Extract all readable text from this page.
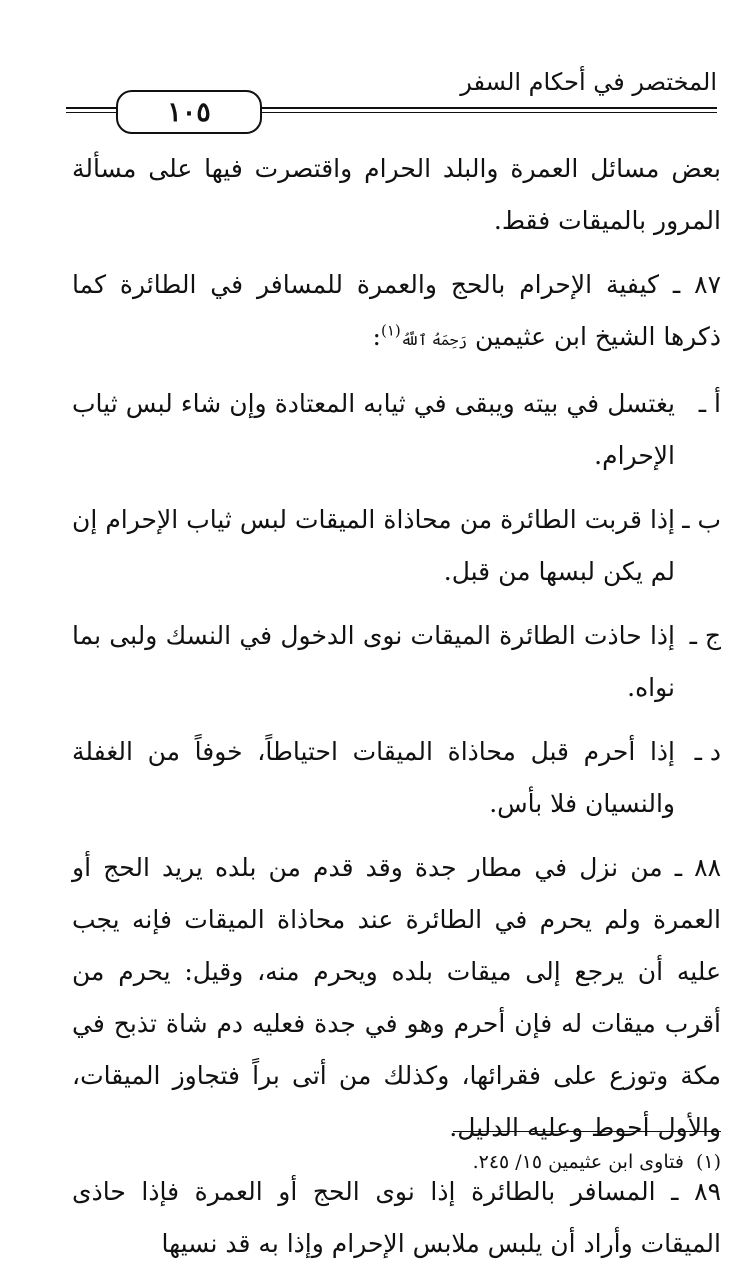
المختصر في أحكام السفر
١٠٥

بعض مسائل العمرة والبلد الحرام واقتصرت فيها على مسألة المرور بالميقات فقط.

٨٧ ـ كيفية الإحرام بالحج والعمرة للمسافر في الطائرة كما ذكرها الشيخ ابن عثيمين رَحِمَهُ ٱللَّهُ$^{(١)}$:

أ ـ
يغتسل في بيته ويبقى في ثيابه المعتادة وإن شاء لبس ثياب الإحرام.
ب ـ
إذا قربت الطائرة من محاذاة الميقات لبس ثياب الإحرام إن لم يكن لبسها من قبل.
ج ـ
إذا حاذت الطائرة الميقات نوى الدخول في النسك ولبى بما نواه.
د ـ
إذا أحرم قبل محاذاة الميقات احتياطاً، خوفاً من الغفلة والنسيان فلا بأس.

٨٨ ـ من نزل في مطار جدة وقد قدم من بلده يريد الحج أو العمرة ولم يحرم في الطائرة عند محاذاة الميقات فإنه يجب عليه أن يرجع إلى ميقات بلده ويحرم منه، وقيل: يحرم من أقرب ميقات له فإن أحرم وهو في جدة فعليه دم شاة تذبح في مكة وتوزع على فقرائها، وكذلك من أتى براً فتجاوز الميقات، والأول أحوط وعليه الدليل.

٨٩ ـ المسافر بالطائرة إذا نوى الحج أو العمرة فإذا حاذى الميقات وأراد أن يلبس ملابس الإحرام وإذا به قد نسيها

(١)فتاوى ابن عثيمين ١٥/ ٢٤٥.
